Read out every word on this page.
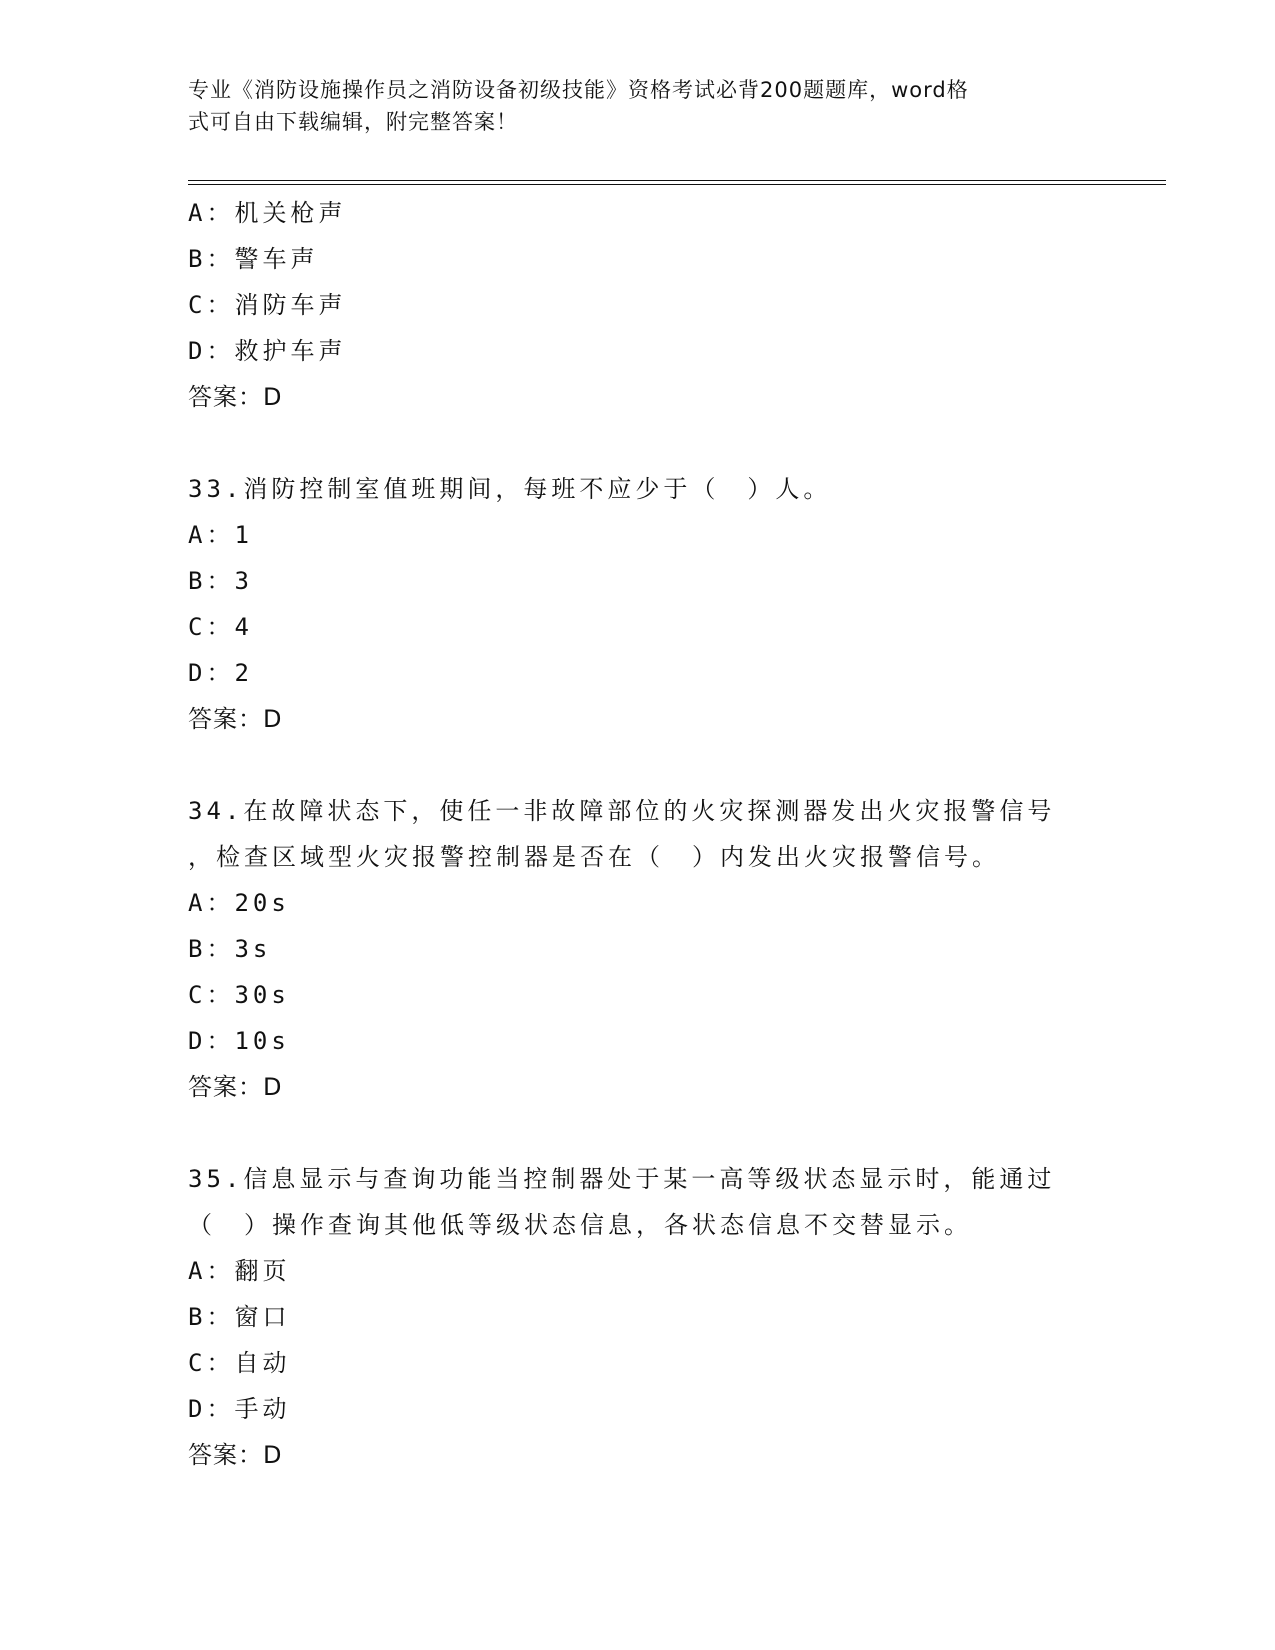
专业《消防设施操作员之消防设备初级技能》资格考试必背200题题库，word格
式可自由下载编辑，附完整答案！
A：机关枪声
B：警车声
C：消防车声
D：救护车声
答案：D
33.消防控制室值班期间，每班不应少于（　）人。
A：1
B：3
C：4
D：2
答案：D
34.在故障状态下，使任一非故障部位的火灾探测器发出火灾报警信号
，检查区域型火灾报警控制器是否在（　）内发出火灾报警信号。
A：20s
B：3s
C：30s
D：10s
答案：D
35.信息显示与查询功能当控制器处于某一高等级状态显示时，能通过
（　）操作查询其他低等级状态信息，各状态信息不交替显示。
A：翻页
B：窗口
C：自动
D：手动
答案：D
